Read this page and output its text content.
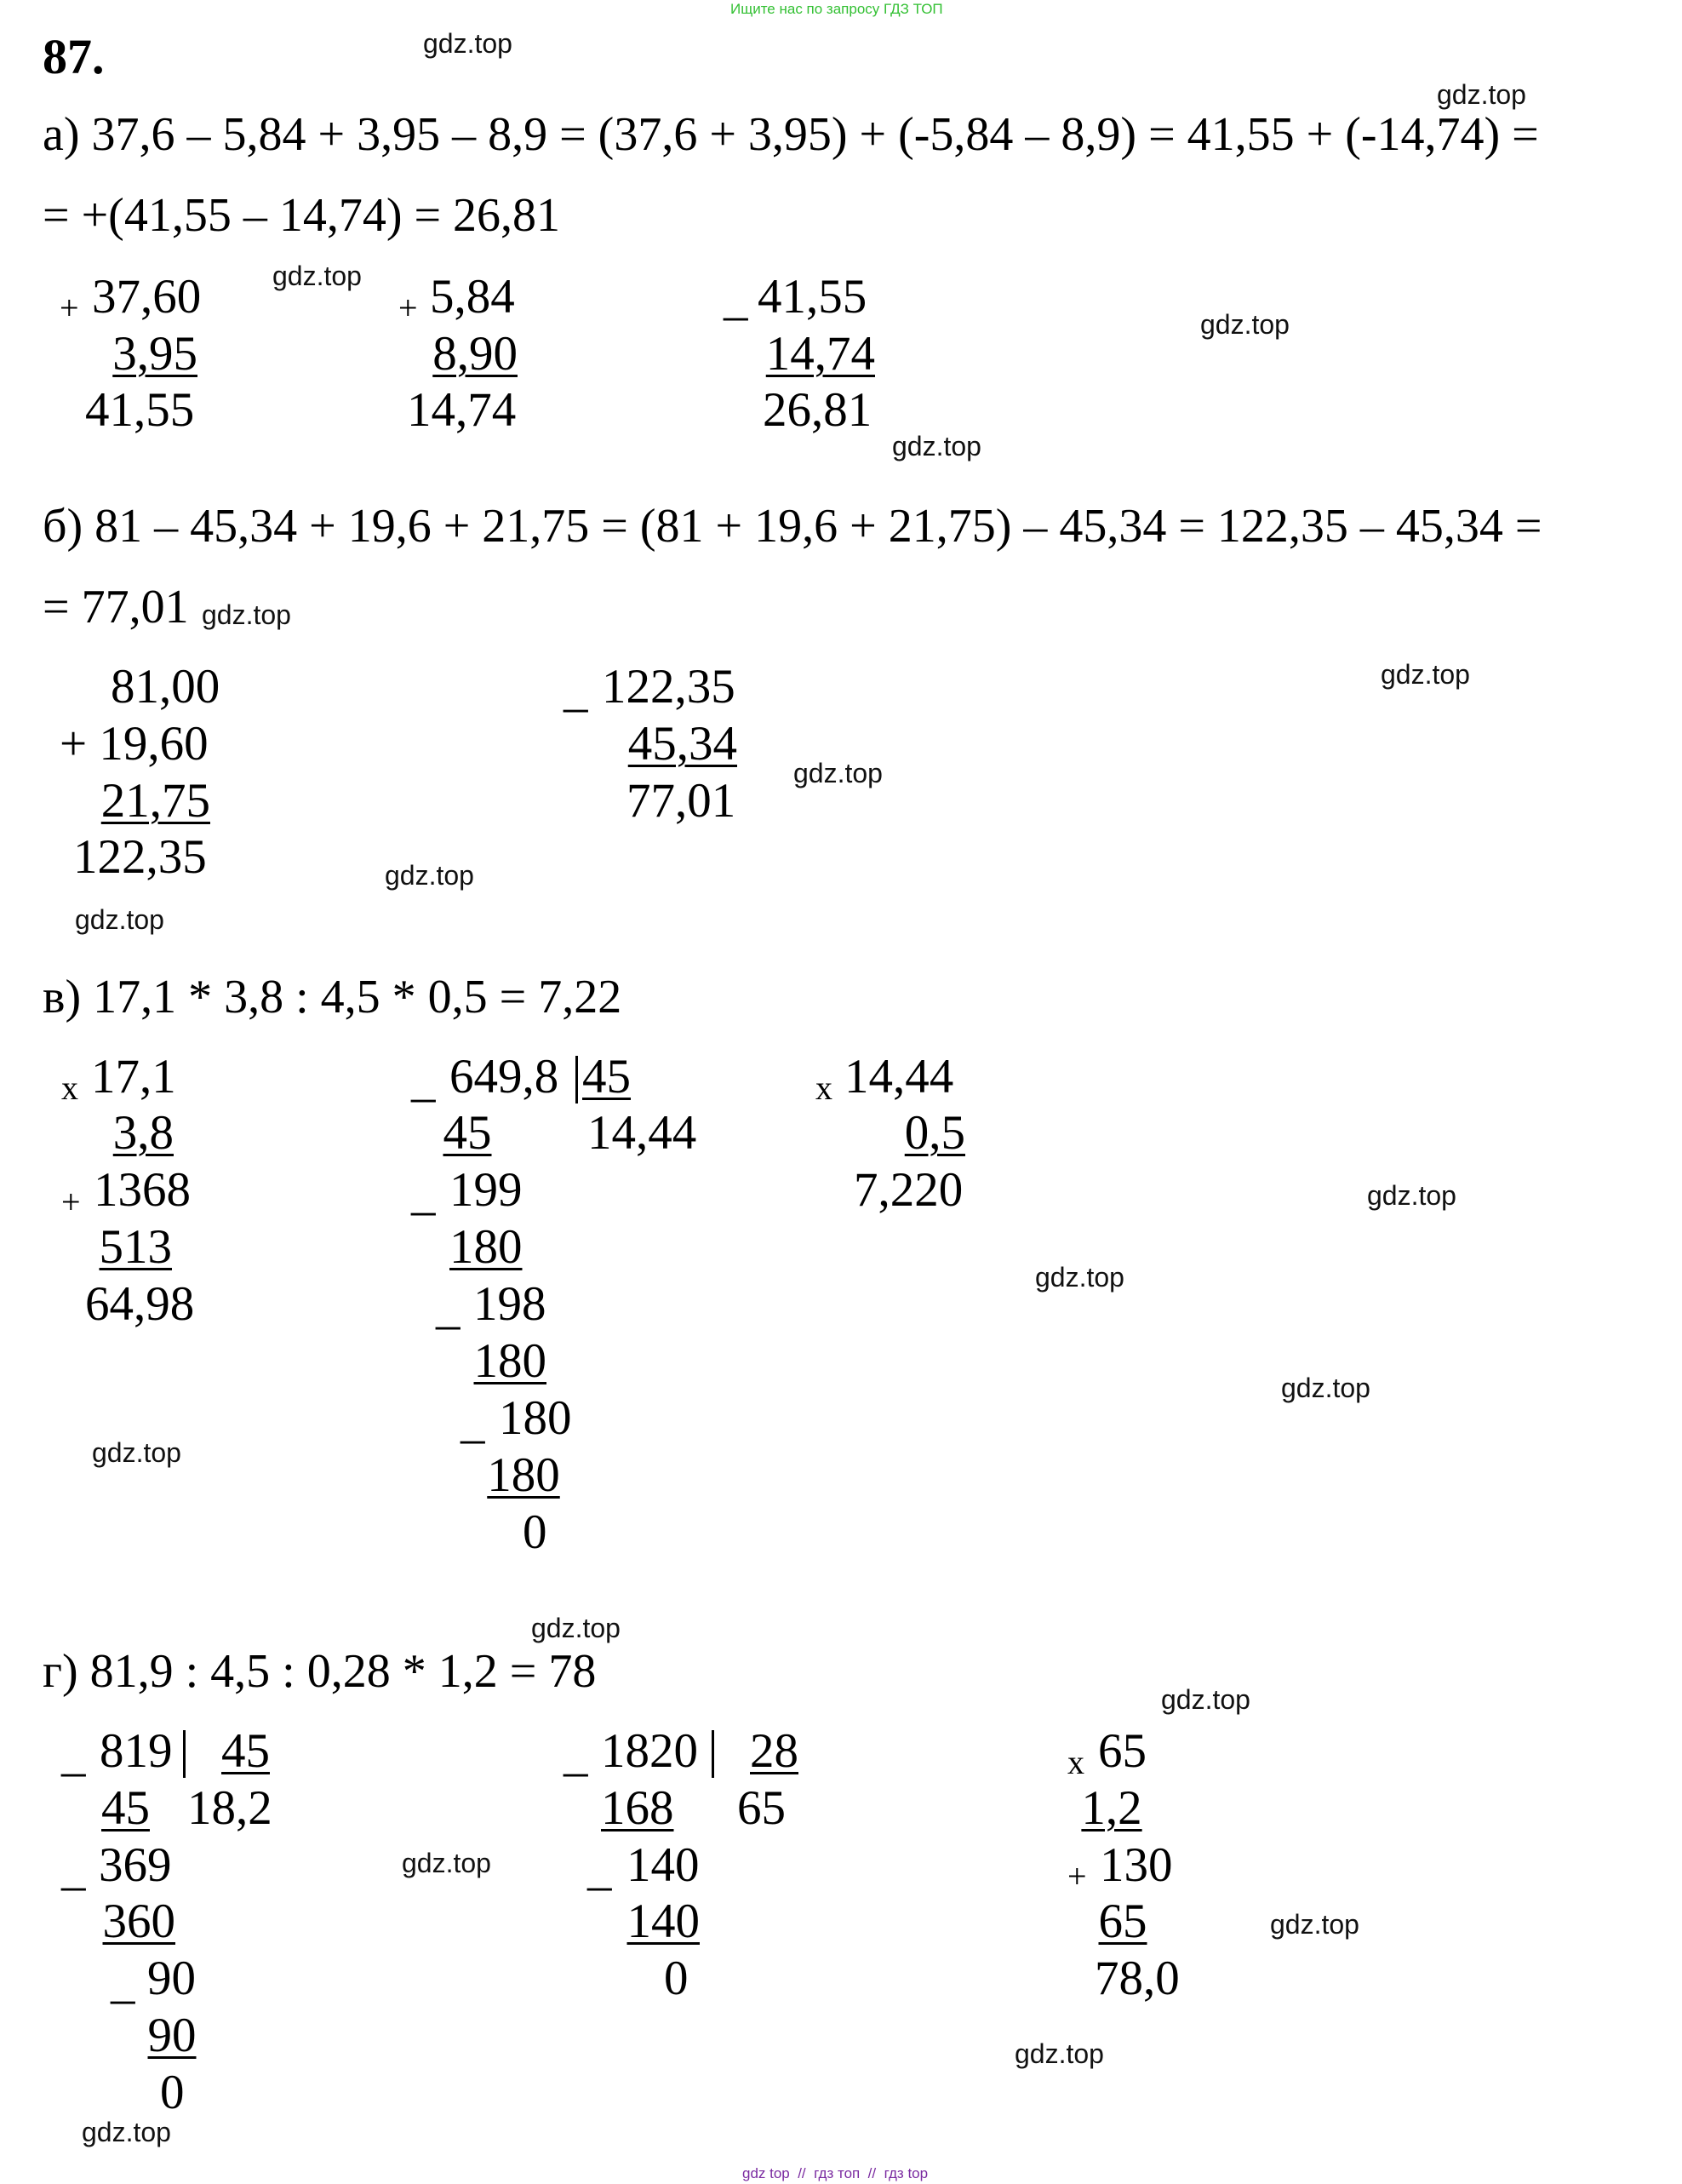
Ищите нас по запросу ГДЗ ТОП
87.
а) 37,6 – 5,84 + 3,95 – 8,9 = (37,6 + 3,95) + (-5,84 – 8,9) = 41,55 + (-14,74) =
= +(41,55 – 14,74) = 26,81
+ 37,60
3,95
41,55
+ 5,84
8,90
14,74
_ 41,55
14,74
26,81
б) 81 – 45,34 + 19,6 + 21,75 = (81 + 19,6 + 21,75) – 45,34 = 122,35 – 45,34 =
= 77,01
81,00
+ 19,60
21,75
122,35
_ 122,35
45,34
77,01
в) 17,1 * 3,8 : 4,5 * 0,5 = 7,22
x 17,1
3,8
+ 1368
513
64,98
_ 649,8 45
14,44
45
_ 199
180
_ 198
180
_ 180
180
0
x 14,44
0,5
7,220
г) 81,9 : 4,5 : 0,28 * 1,2 = 78
_ 819	45
18,2
45
_ 369
360
_ 90
90
0
_ 1820	28
65
168
_ 140
140
0
x 65
1,2
+ 130
65
78,0
gdz.top
gdz.top
gdz.top
gdz.top
gdz.top
gdz.top
gdz.top
gdz.top
gdz.top
gdz.top
gdz.top
gdz.top
gdz.top
gdz.top
gdz.top
gdz.top
gdz.top
gdz.top
gdz.top
gdz.top
gdz top  //  гдз топ  //  гдз top
